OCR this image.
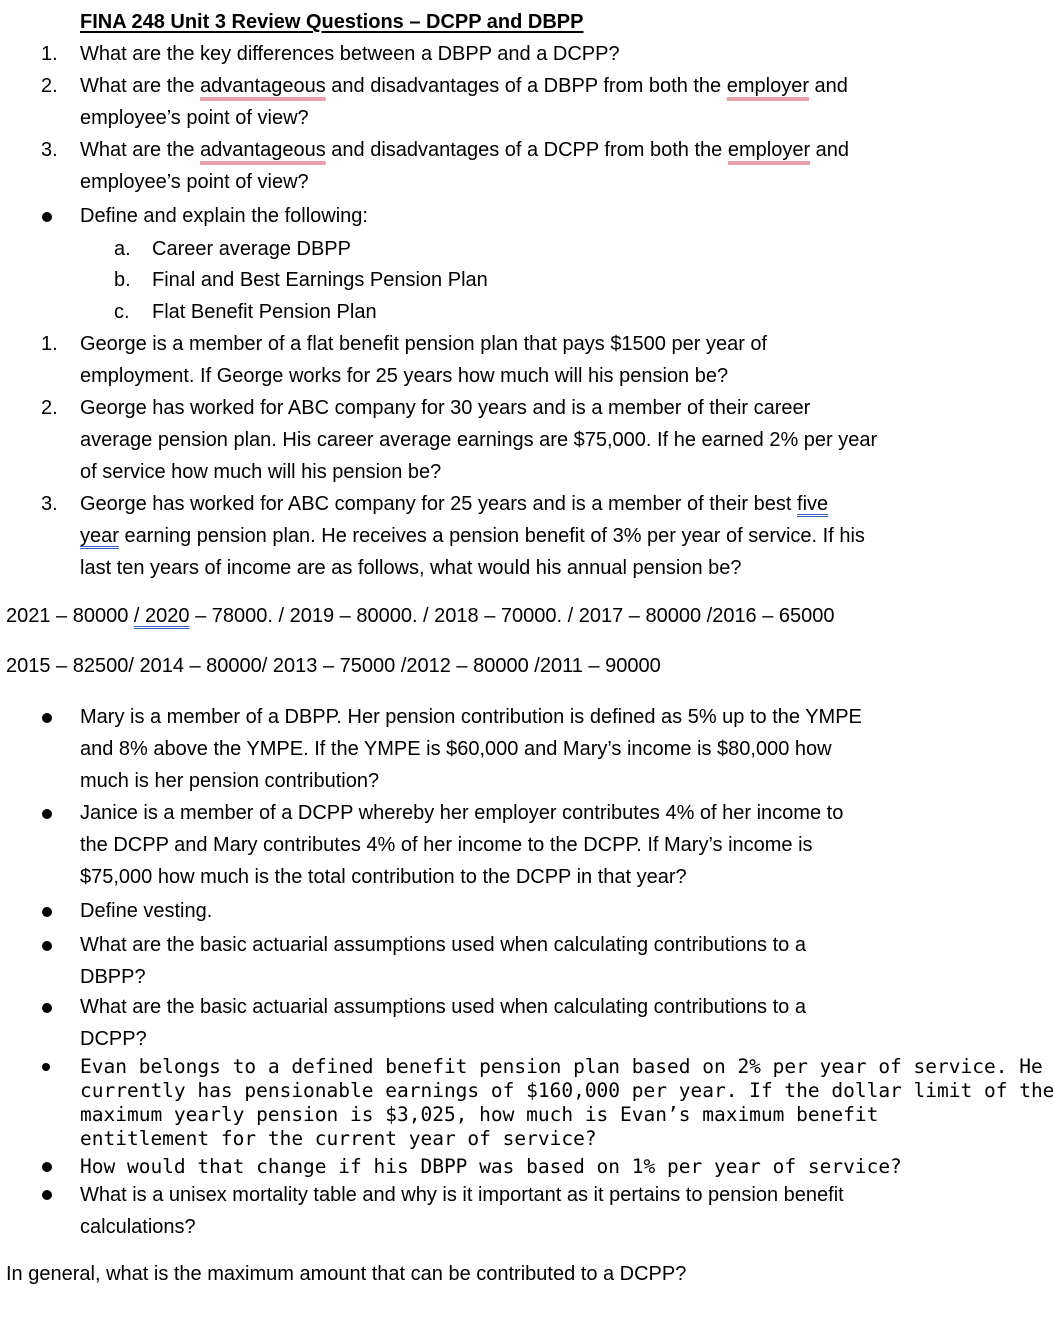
FINA 248 Unit 3 Review Questions – DCPP and DBPP
1.	What are the key differences between a DBPP and a DCPP?
2.	What are the advantageous and disadvantages of a DBPP from both the employer and
employee’s point of view?
3.	What are the advantageous and disadvantages of a DCPP from both the employer and
employee’s point of view?
Define and explain the following:
a. Career average DBPP
b. Final and Best Earnings Pension Plan
c. Flat Benefit Pension Plan
1.	George is a member of a flat benefit pension plan that pays $1500 per year of
employment. If George works for 25 years how much will his pension be?
2.	George has worked for ABC company for 30 years and is a member of their career
average pension plan. His career average earnings are $75,000. If he earned 2% per year
of service how much will his pension be?
3.	George has worked for ABC company for 25 years and is a member of their best five
year earning pension plan. He receives a pension benefit of 3% per year of service. If his
last ten years of income are as follows, what would his annual pension be?
2021 – 80000 / 2020 – 78000. / 2019 – 80000. / 2018 – 70000. / 2017 – 80000 /2016 – 65000
2015 – 82500/ 2014 – 80000/ 2013 – 75000 /2012 – 80000 /2011 – 90000
Mary is a member of a DBPP. Her pension contribution is defined as 5% up to the YMPE
and 8% above the YMPE. If the YMPE is $60,000 and Mary’s income is $80,000 how
much is her pension contribution?
Janice is a member of a DCPP whereby her employer contributes 4% of her income to
the DCPP and Mary contributes 4% of her income to the DCPP. If Mary’s income is
$75,000 how much is the total contribution to the DCPP in that year?
Define vesting.
What are the basic actuarial assumptions used when calculating contributions to a
DBPP?
What are the basic actuarial assumptions used when calculating contributions to a
DCPP?
Evan belongs to a defined benefit pension plan based on 2% per year of service. He
currently has pensionable earnings of $160,000 per year. If the dollar limit of the
maximum yearly pension is $3,025, how much is Evan’s maximum benefit
entitlement for the current year of service?
How would that change if his DBPP was based on 1% per year of service?
What is a unisex mortality table and why is it important as it pertains to pension benefit
calculations?
In general, what is the maximum amount that can be contributed to a DCPP?
